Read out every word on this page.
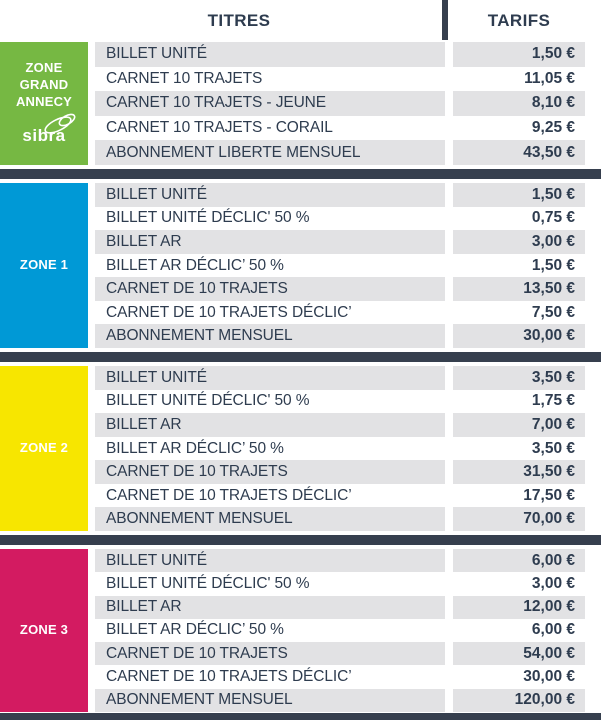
TITRES	TARIFS
ZONE
GRAND
ANNECY
sibra
BILLET UNITÉ	1,50 €
CARNET 10 TRAJETS	11,05 €
CARNET 10 TRAJETS - JEUNE	8,10 €
CARNET 10 TRAJETS - CORAIL	9,25 €
ABONNEMENT LIBERTE MENSUEL	43,50 €
ZONE 1
BILLET UNITÉ	1,50 €
BILLET UNITÉ DÉCLIC' 50 %	0,75 €
BILLET AR	3,00 €
BILLET AR DÉCLIC’ 50 %	1,50 €
CARNET DE 10 TRAJETS	13,50 €
CARNET DE 10 TRAJETS DÉCLIC’	7,50 €
ABONNEMENT MENSUEL	30,00 €
ZONE 2
BILLET UNITÉ	3,50 €
BILLET UNITÉ DÉCLIC' 50 %	1,75 €
BILLET AR	7,00 €
BILLET AR DÉCLIC’ 50 %	3,50 €
CARNET DE 10 TRAJETS	31,50 €
CARNET DE 10 TRAJETS DÉCLIC’	17,50 €
ABONNEMENT MENSUEL	70,00 €
ZONE 3
BILLET UNITÉ	6,00 €
BILLET UNITÉ DÉCLIC' 50 %	3,00 €
BILLET AR	12,00 €
BILLET AR DÉCLIC’ 50 %	6,00 €
CARNET DE 10 TRAJETS	54,00 €
CARNET DE 10 TRAJETS DÉCLIC’	30,00 €
ABONNEMENT MENSUEL	120,00 €
